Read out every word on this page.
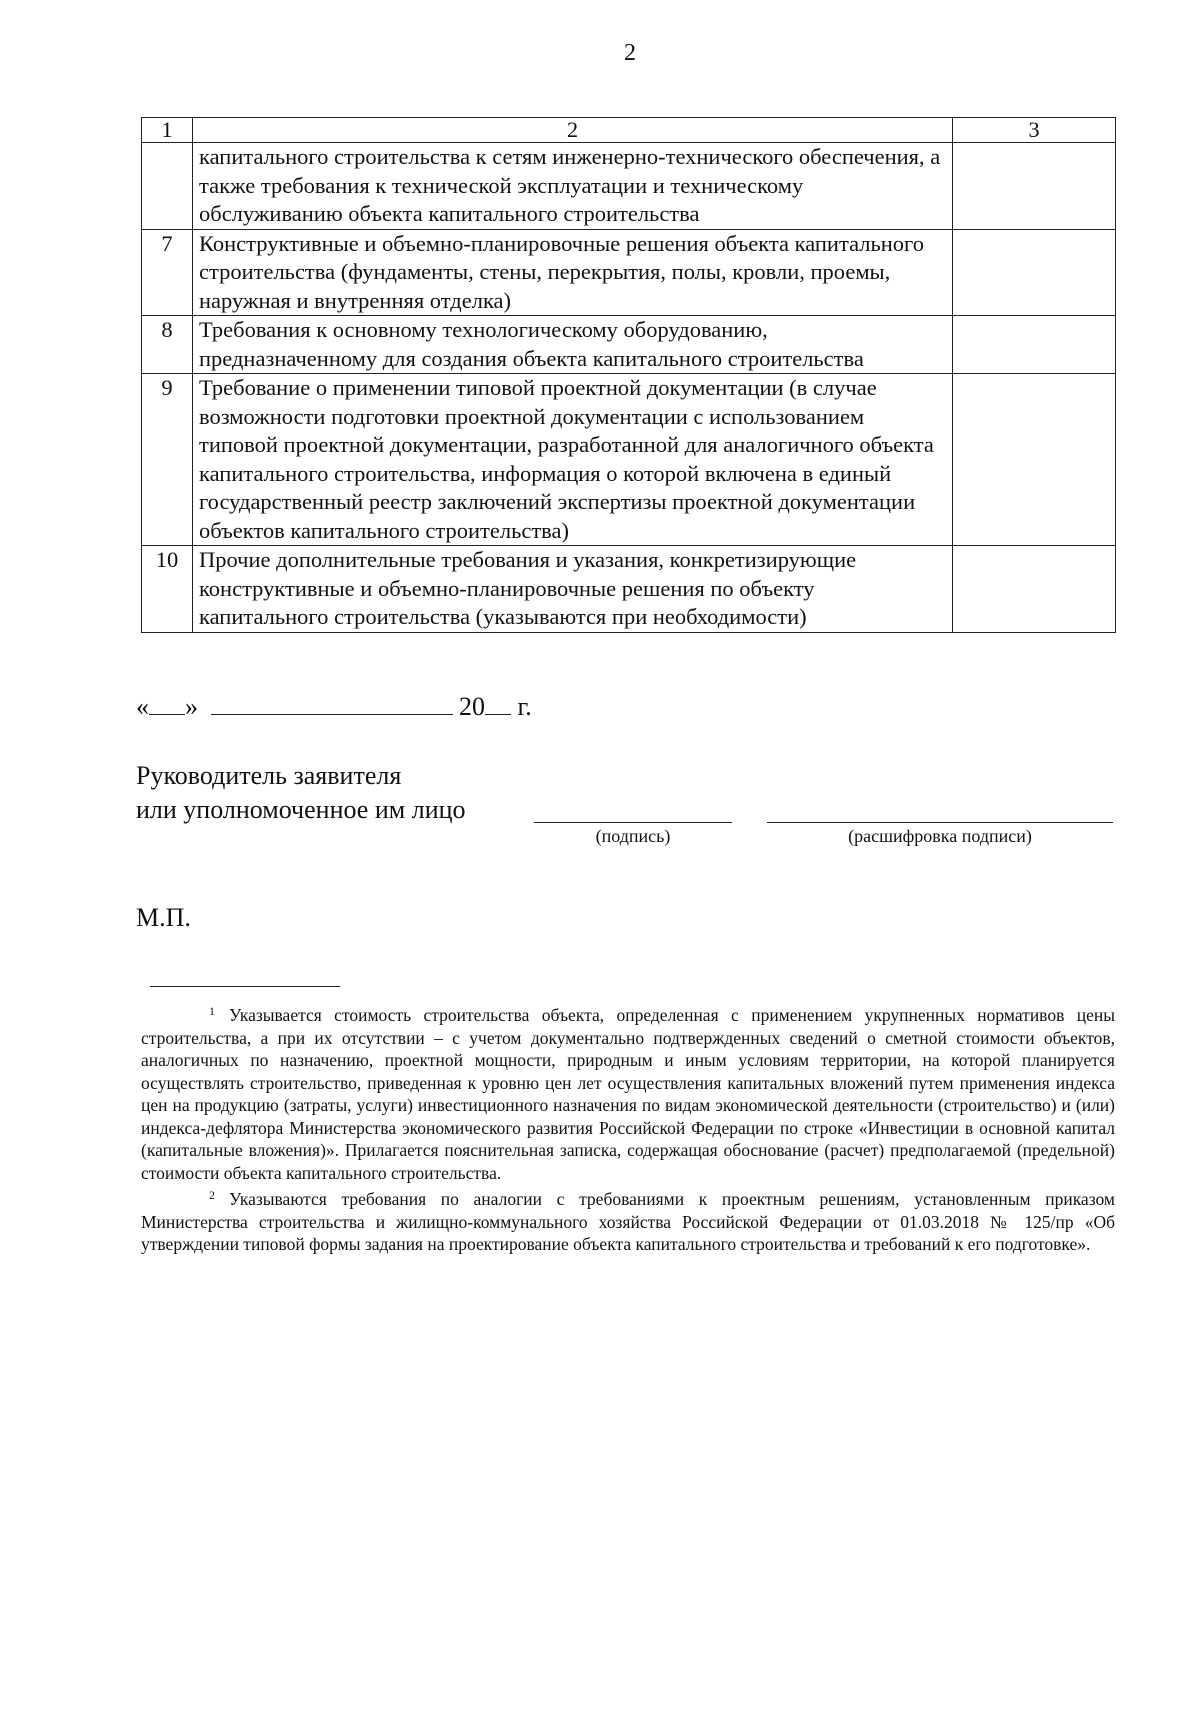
2
1	2	3
	капитального строительства к сетям инженерно-технического обеспечения, а также требования к технической эксплуатации и техническому обслуживанию объекта капитального строительства	
7	Конструктивные и объемно-планировочные решения объекта капитального строительства (фундаменты, стены, перекрытия, полы, кровли, проемы, наружная и внутренняя отделка)	
8	Требования к основному технологическому оборудованию, предназначенному для создания объекта капитального строительства	
9	Требование о применении типовой проектной документации (в случае возможности подготовки проектной документации с использованием типовой проектной документации, разработанной для аналогичного объекта капитального строительства, информация о которой включена в единый государственный реестр заключений экспертизы проектной документации объектов капитального строительства)	
10	Прочие дополнительные требования и указания, конкретизирующие конструктивные и объемно-планировочные решения по объекту капитального строительства (указываются при необходимости)	
« »	20 г.
Руководитель заявителя
или уполномоченное им лицо
(подпись)	(расшифровка подписи)
М.П.

$^1$ Указывается стоимость строительства объекта, определенная с применением укрупненных нормативов цены строительства, а при их отсутствии – с учетом документально подтвержденных сведений о сметной стоимости объектов, аналогичных по назначению, проектной мощности, природным и иным условиям территории, на которой планируется осуществлять строительство, приведенная к уровню цен лет осуществления капитальных вложений путем применения индекса цен на продукцию (затраты, услуги) инвестиционного назначения по видам экономической деятельности (строительство) и (или) индекса-дефлятора Министерства экономического развития Российской Федерации по строке «Инвестиции в основной капитал (капитальные вложения)». Прилагается пояснительная записка, содержащая обоснование (расчет) предполагаемой (предельной) стоимости объекта капитального строительства.

$^2$ Указываются требования по аналогии с требованиями к проектным решениям, установленным приказом Министерства строительства и жилищно-коммунального хозяйства Российской Федерации от 01.03.2018 № 125/пр «Об утверждении типовой формы задания на проектирование объекта капитального строительства и требований к его подготовке».
